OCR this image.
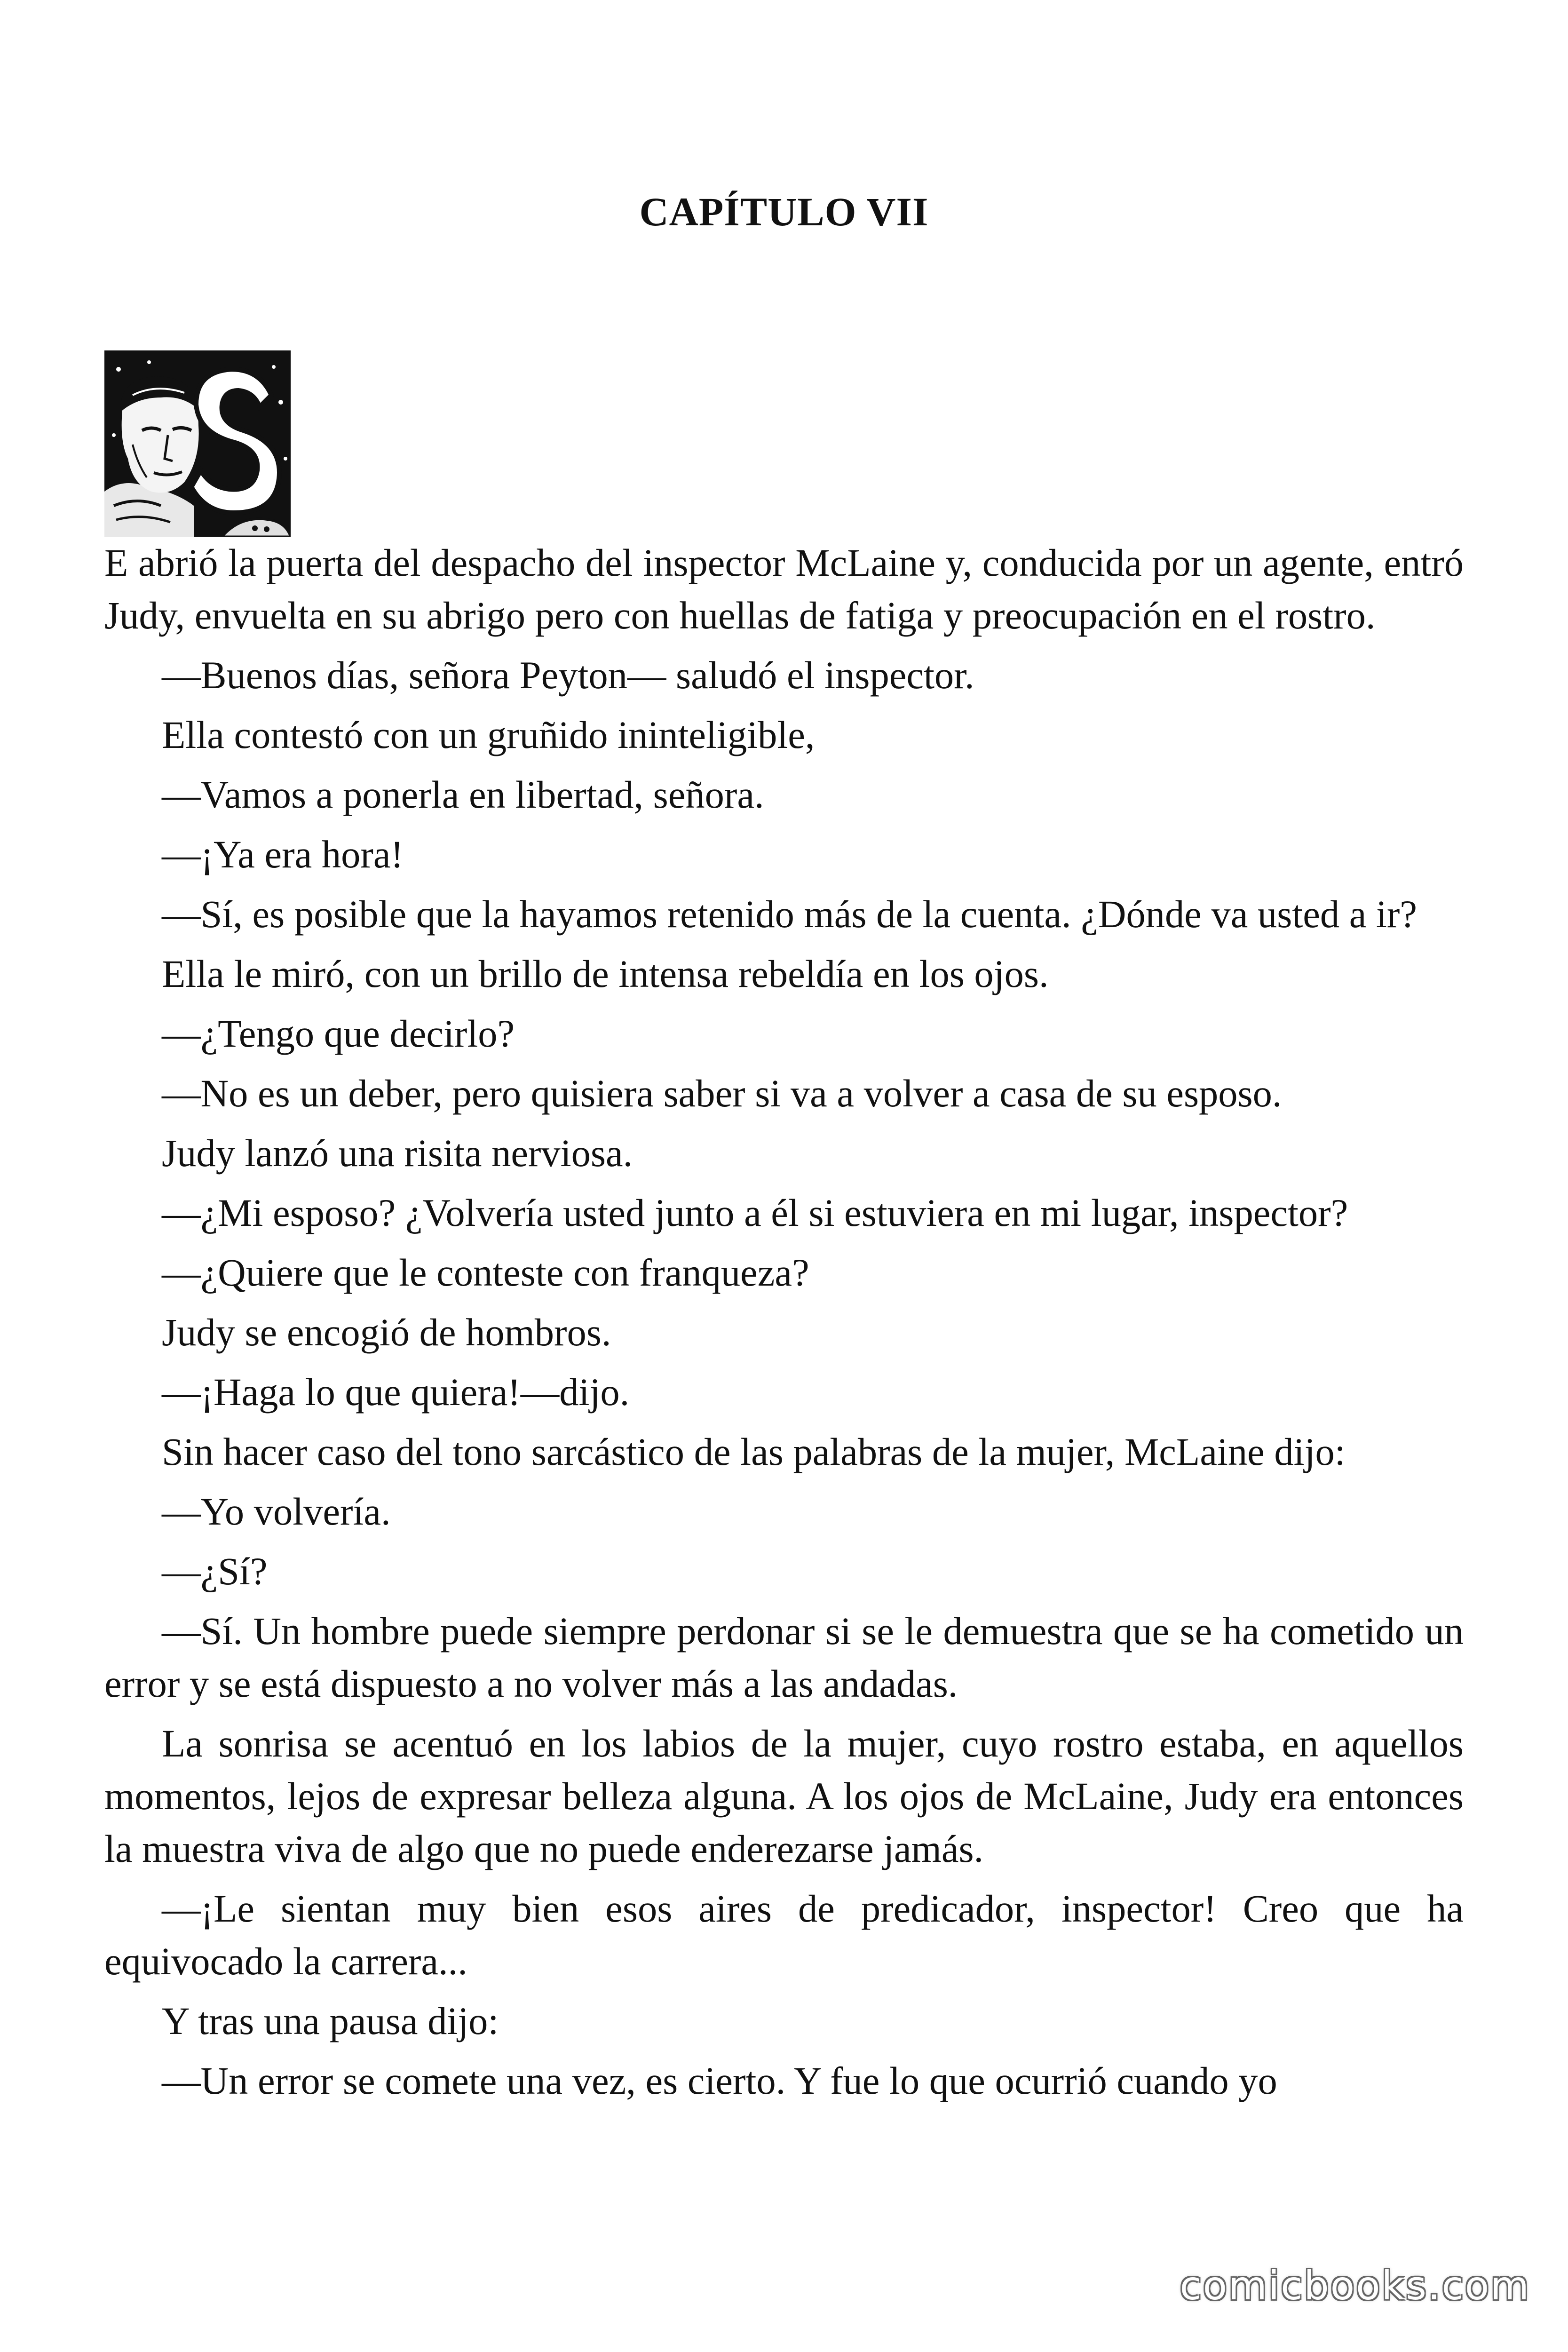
CAPÍTULO VII

E abrió la puerta del despacho del inspector McLaine y, conducida por un agente, entró Judy, envuelta en su abrigo pero con huellas de fatiga y preocupación en el rostro.

—Buenos días, señora Peyton— saludó el inspector.

Ella contestó con un gruñido ininteligible,

—Vamos a ponerla en libertad, señora.

—¡Ya era hora!

—Sí, es posible que la hayamos retenido más de la cuenta. ¿Dónde va usted a ir?

Ella le miró, con un brillo de intensa rebeldía en los ojos.

—¿Tengo que decirlo?

—No es un deber, pero quisiera saber si va a volver a casa de su esposo.

Judy lanzó una risita nerviosa.

—¿Mi esposo? ¿Volvería usted junto a él si estuviera en mi lugar, inspector?

—¿Quiere que le conteste con franqueza?

Judy se encogió de hombros.

—¡Haga lo que quiera!—dijo.

Sin hacer caso del tono sarcástico de las palabras de la mujer, McLaine dijo:

—Yo volvería.

—¿Sí?

—Sí. Un hombre puede siempre perdonar si se le demuestra que se ha cometido un error y se está dispuesto a no volver más a las andadas.

La sonrisa se acentuó en los labios de la mujer, cuyo rostro estaba, en aquellos momentos, lejos de expresar belleza alguna. A los ojos de McLaine, Judy era entonces la muestra viva de algo que no puede enderezarse jamás.

—¡Le sientan muy bien esos aires de predicador, inspector! Creo que ha equivocado la carrera...

Y tras una pausa dijo:

—Un error se comete una vez, es cierto. Y fue lo que ocurrió cuando yo

comicbooks.com
